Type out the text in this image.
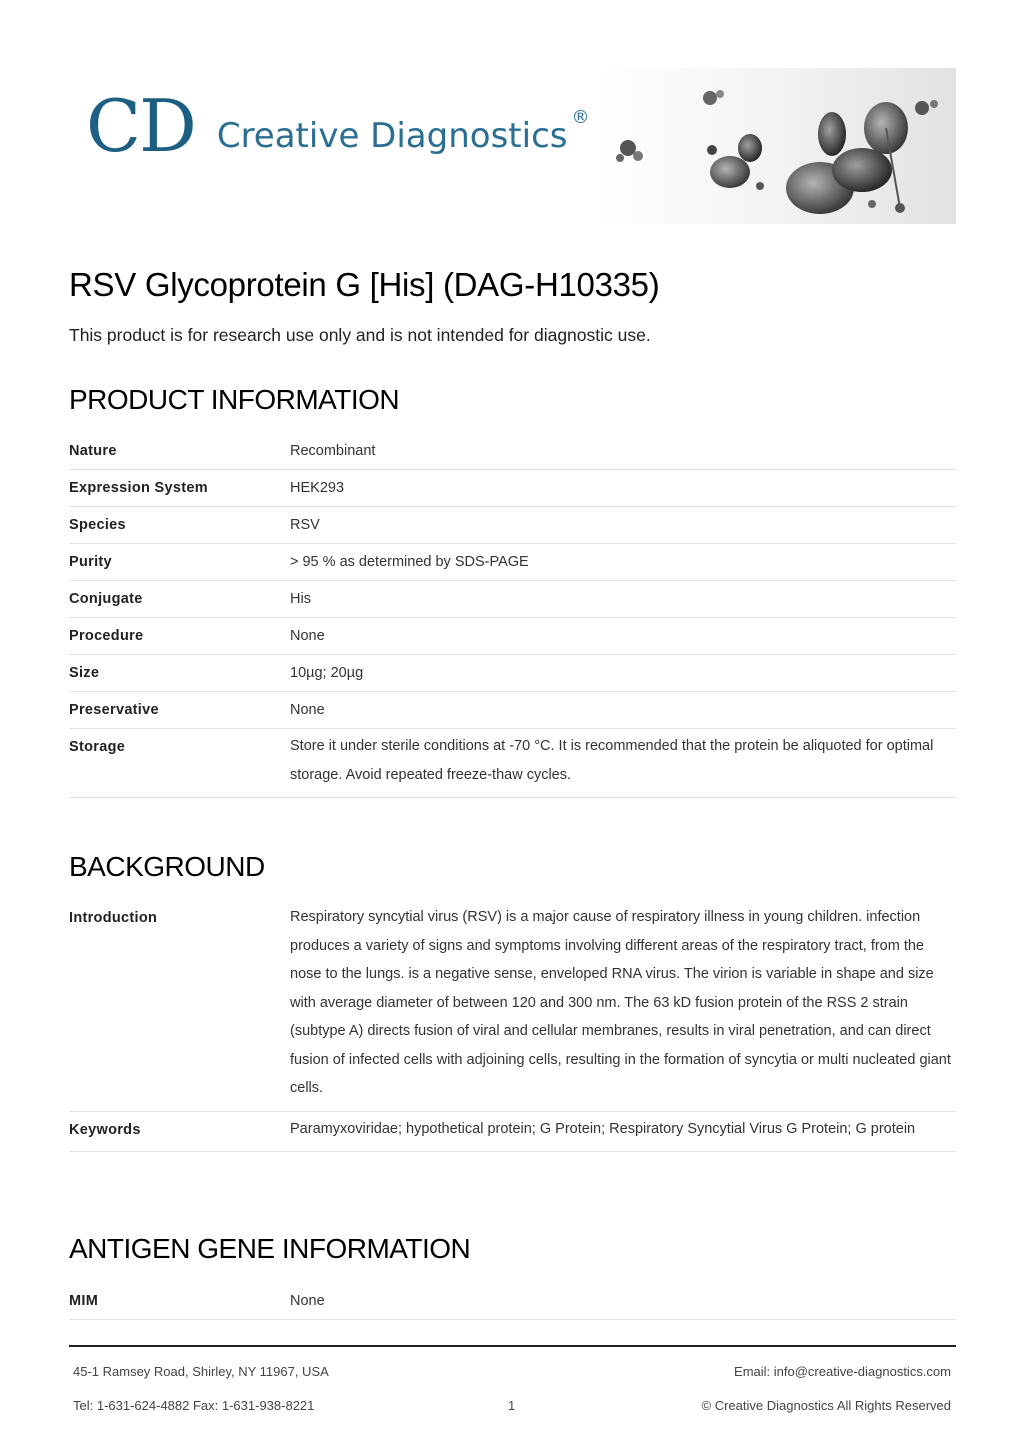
CD Creative Diagnostics ®
RSV Glycoprotein G [His] (DAG-H10335)
This product is for research use only and is not intended for diagnostic use.
PRODUCT INFORMATION
Nature	Recombinant
Expression System	HEK293
Species	RSV
Purity	> 95 % as determined by SDS-PAGE
Conjugate	His
Procedure	None
Size	10µg; 20µg
Preservative	None
Storage	Store it under sterile conditions at -70 °C. It is recommended that the protein be aliquoted for optimal storage. Avoid repeated freeze-thaw cycles.
BACKGROUND
Introduction	Respiratory syncytial virus (RSV) is a major cause of respiratory illness in young children. infection produces a variety of signs and symptoms involving different areas of the respiratory tract, from the nose to the lungs. is a negative sense, enveloped RNA virus. The virion is variable in shape and size with average diameter of between 120 and 300 nm. The 63 kD fusion protein of the RSS 2 strain (subtype A) directs fusion of viral and cellular membranes, results in viral penetration, and can direct fusion of infected cells with adjoining cells, resulting in the formation of syncytia or multi nucleated giant cells.
Keywords	Paramyxoviridae; hypothetical protein; G Protein; Respiratory Syncytial Virus G Protein; G protein
ANTIGEN GENE INFORMATION
MIM	None
45-1 Ramsey Road, Shirley, NY 11967, USA	Email: info@creative-diagnostics.com
Tel: 1-631-624-4882 Fax: 1-631-938-8221	1	© Creative Diagnostics All Rights Reserved
